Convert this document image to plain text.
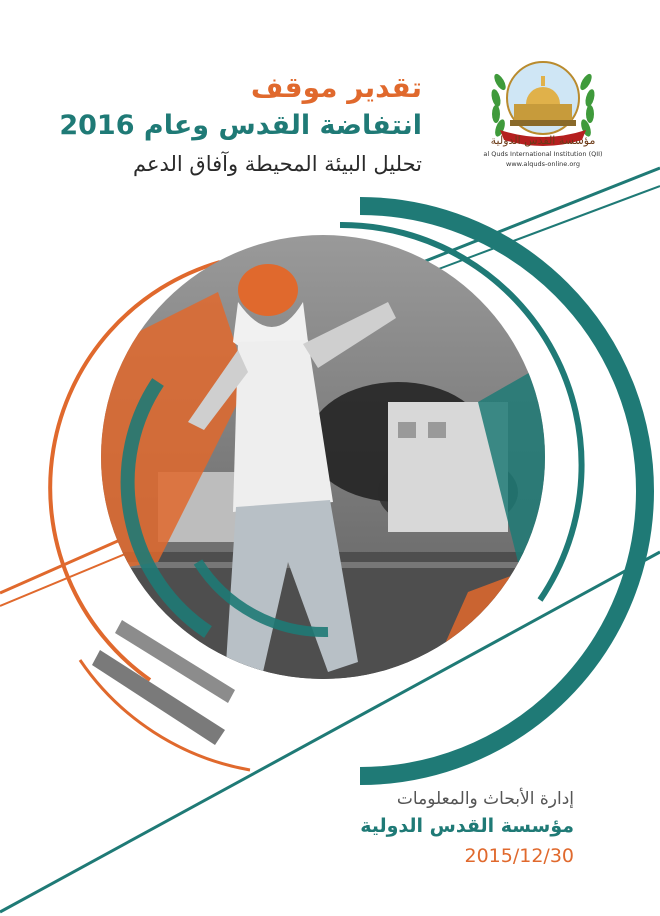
تقدير موقف
انتفاضة القدس وعام 2016
تحليل البيئة المحيطة وآفاق الدعم
مؤسسة القدس الدولية
al Quds International Institution (QII)
www.alquds-online.org
إدارة الأبحاث والمعلومات
مؤسسة القدس الدولية
2015/12/30
